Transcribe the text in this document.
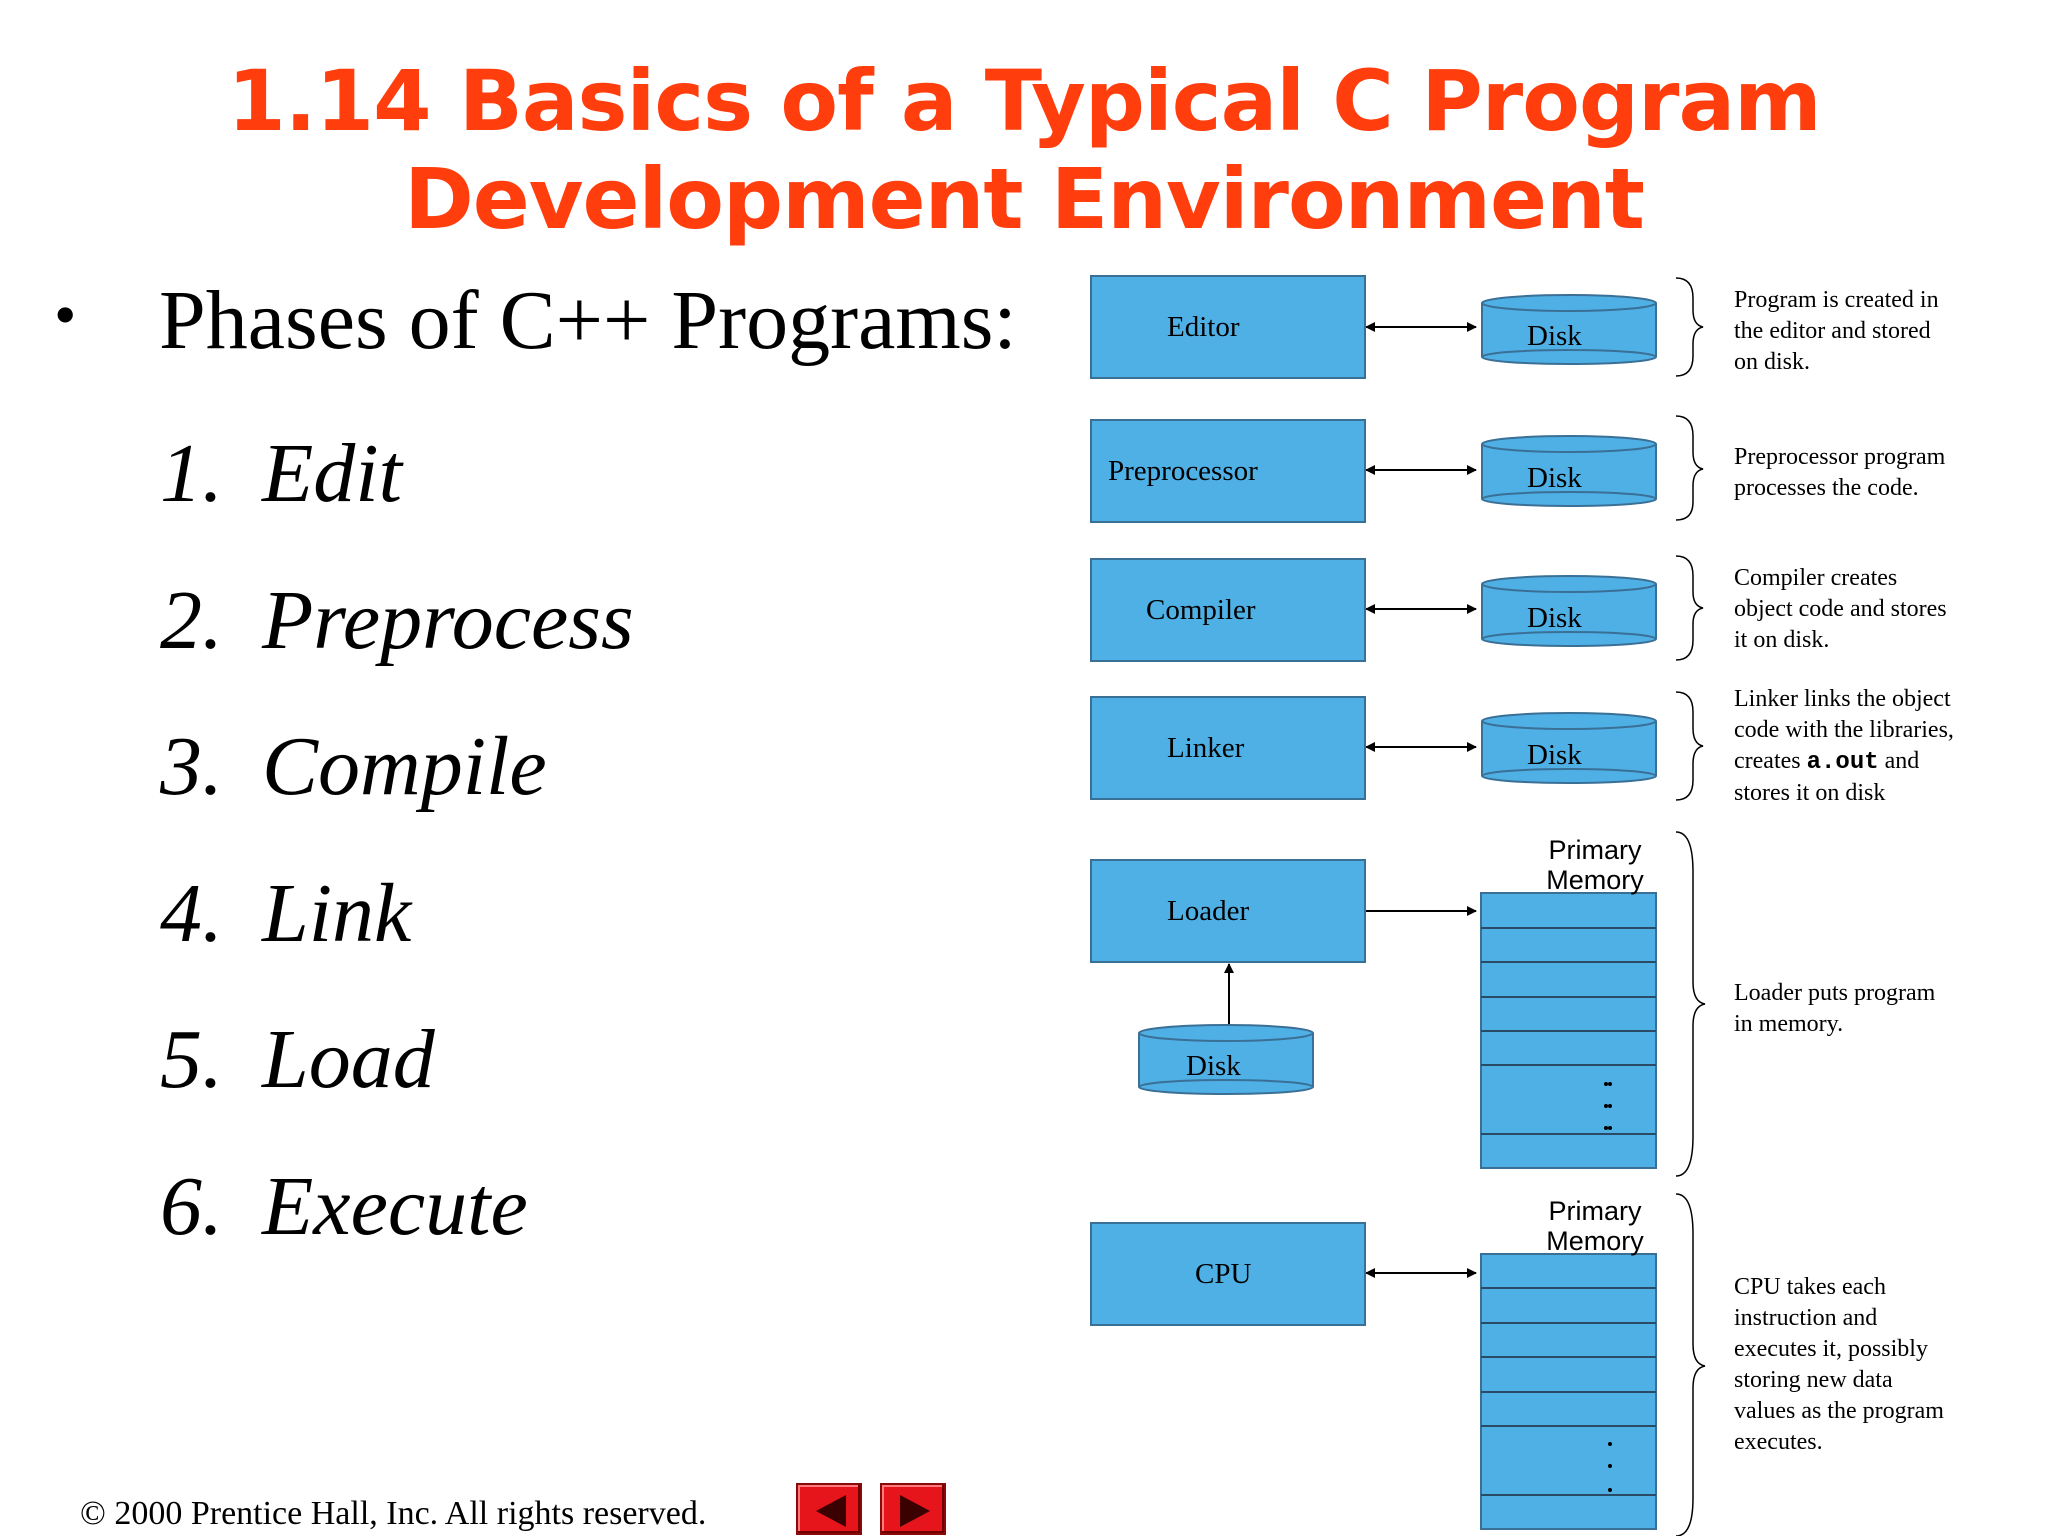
1.14 Basics of a Typical C Program
Development Environment
• Phases of C++ Programs:
1. Edit
2. Preprocess
3. Compile
4. Link
5. Load
6. Execute
Editor
Preprocessor
Compiler
Linker
Loader
CPU
Disk
Disk
Disk
Disk
Disk
Primary
Memory
Primary
Memory
Program is created in
the editor and stored
on disk.
Preprocessor program
processes the code.
Compiler creates
object code and stores
it on disk.
Linker links the object
code with the libraries,
creates a.out and
stores it on disk
Loader puts program
in memory.
CPU takes each
instruction and
executes it, possibly
storing new data
values as the program
executes.
© 2000 Prentice Hall, Inc. All rights reserved.
